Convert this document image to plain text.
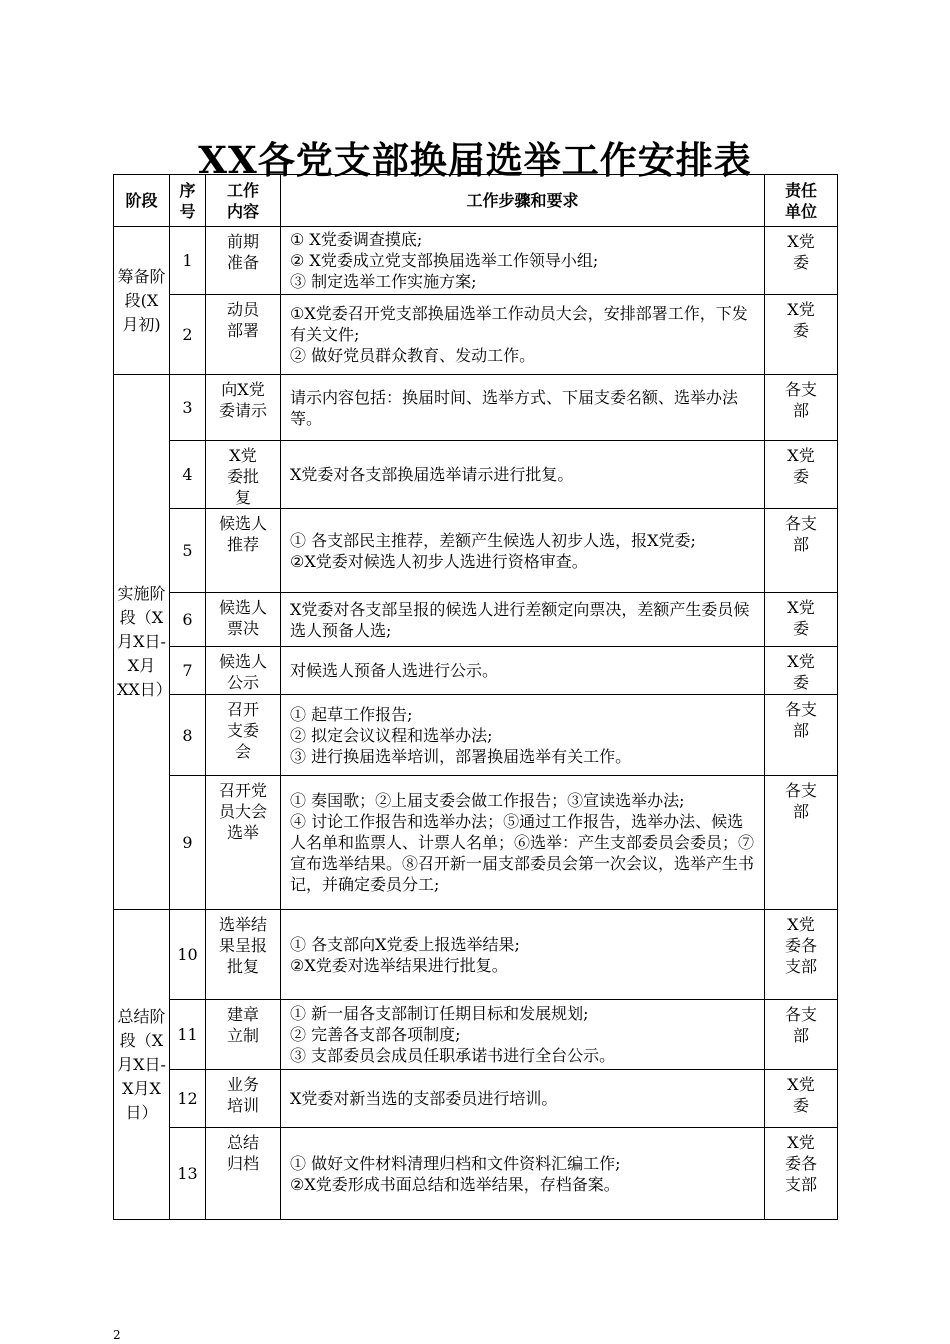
XX各党支部换届选举工作安排表
阶段	序号	工作内容	工作步骤和要求	责任单位
筹备阶段(X月初)	1	前期准备	① X党委调查摸底;
② X党委成立党支部换届选举工作领导小组;
③ 制定选举工作实施方案;	X党委
	2	动员部署	①X党委召开党支部换届选举工作动员大会，安排部署工作，下发有关文件;
② 做好党员群众教育、发动工作。	X党委
实施阶段（X月X日-X月XX日）	3	向X党委请示	请示内容包括：换届时间、选举方式、下届支委名额、选举办法等。	各支部
	4	X党委批复	X党委对各支部换届选举请示进行批复。	X党委
	5	候选人推荐	① 各支部民主推荐，差额产生候选人初步人选，报X党委;
②X党委对候选人初步人选进行资格审查。	各支部
	6	候选人票决	X党委对各支部呈报的候选人进行差额定向票决，差额产生委员候选人预备人选;	X党委
	7	候选人公示	对候选人预备人选进行公示。	X党委
	8	召开支委会	① 起草工作报告;
② 拟定会议议程和选举办法;
③ 进行换届选举培训，部署换届选举有关工作。	各支部
	9	召开党员大会选举	① 奏国歌；②上届支委会做工作报告；③宣读选举办法;
④ 讨论工作报告和选举办法；⑤通过工作报告，选举办法、候选人名单和监票人、计票人名单；⑥选举：产生支部委员会委员；⑦宣布选举结果。⑧召开新一届支部委员会第一次会议，选举产生书记，并确定委员分工;	各支部
总结阶段（X月X日-X月X日）	10	选举结果呈报批复	① 各支部向X党委上报选举结果;
②X党委对选举结果进行批复。	X党委各支部
	11	建章立制	① 新一届各支部制订任期目标和发展规划;
② 完善各支部各项制度;
③ 支部委员会成员任职承诺书进行全台公示。	各支部
	12	业务培训	X党委对新当选的支部委员进行培训。	X党委
	13	总结归档	① 做好文件材料清理归档和文件资料汇编工作;
②X党委形成书面总结和选举结果，存档备案。	X党委各支部
2
